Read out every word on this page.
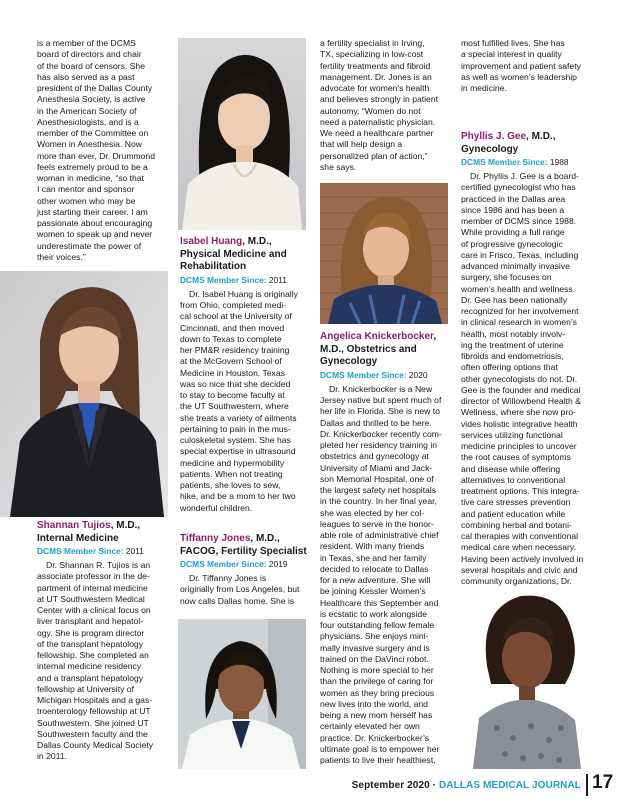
is a member of the DCMS
board of directors and chair
of the board of censors. She
has also served as a past
president of the Dallas County
Anesthesia Society, is active
in the American Society of
Anesthesiologists, and is a
member of the Committee on
Women in Anesthesia. Now
more than ever, Dr. Drummond
feels extremely proud to be a
woman in medicine, “so that
I can mentor and sponsor
other women who may be
just starting their career. I am
passionate about encouraging
women to speak up and never
underestimate the power of
their voices.”

Shannan Tujios, M.D.,
Internal Medicine

DCMS Member Since: 2011

Dr. Shannan R. Tujios is an
associate professor in the de-
partment of internal medicine
at UT Southwestern Medical
Center with a clinical focus on
liver transplant and hepatol-
ogy. She is program director
of the transplant hepatology
fellowship. She completed an
internal medicine residency
and a transplant hepatology
fellowship at University of
Michigan Hospitals and a gas-
troenterology fellowship at UT
Southwestern. She joined UT
Southwestern faculty and the
Dallas County Medical Society
in 2011.

Isabel Huang, M.D.,
Physical Medicine and
Rehabilitation

DCMS Member Since: 2011

Dr. Isabel Huang is originally
from Ohio, completed medi-
cal school at the University of
Cincinnati, and then moved
down to Texas to complete
her PM&R residency training
at the McGovern School of
Medicine in Houston. Texas
was so nice that she decided
to stay to become faculty at
the UT Southwestern, where
she treats a variety of ailments
pertaining to pain in the mus-
culoskeletal system. She has
special expertise in ultrasound
medicine and hypermobility
patients. When not treating
patients, she loves to sew,
hike, and be a mom to her two
wonderful children.

Tiffanny Jones, M.D.,
FACOG, Fertility Specialist

DCMS Member Since: 2019

Dr. Tiffanny Jones is
originally from Los Angeles, but
now calls Dallas home. She is

a fertility specialist in Irving,
TX, specializing in low-cost
fertility treatments and fibroid
management. Dr. Jones is an
advocate for women’s health
and believes strongly in patient
autonomy. “Women do not
need a paternalistic physician.
We need a healthcare partner
that will help design a
personalized plan of action,”
she says.

Angelica Knickerbocker,
M.D., Obstetrics and
Gynecology

DCMS Member Since: 2020

Dr. Knickerbocker is a New
Jersey native but spent much of
her life in Florida. She is new to
Dallas and thrilled to be here.
Dr. Knickerbocker recently com-
pleted her residency training in
obstetrics and gynecology at
University of Miami and Jack-
son Memorial Hospital, one of
the largest safety net hospitals
in the country. In her final year,
she was elected by her col-
leagues to serve in the honor-
able role of administrative chief
resident. With many friends
in Texas, she and her family
decided to relocate to Dallas
for a new adventure. She will
be joining Kessler Women’s
Healthcare this September and
is ecstatic to work alongside
four outstanding fellow female
physicians. She enjoys mini-
mally invasive surgery and is
trained on the DaVinci robot.
Nothing is more special to her
than the privilege of caring for
women as they bring precious
new lives into the world, and
being a new mom herself has
certainly elevated her own
practice. Dr. Knickerbocker’s
ultimate goal is to empower her
patients to live their healthiest,

most fulfilled lives. She has
a special interest in quality
improvement and patient safety
as well as women’s leadership
in medicine.

Phyllis J. Gee, M.D.,
Gynecology

DCMS Member Since: 1988

Dr. Phyllis J. Gee is a board-
certified gynecologist who has
practiced in the Dallas area
since 1986 and has been a
member of DCMS since 1988.
While providing a full range
of progressive gynecologic
care in Frisco, Texas, including
advanced minimally invasive
surgery, she focuses on
women’s health and wellness.
Dr. Gee has been nationally
recognized for her involvement
in clinical research in women’s
health, most notably involv-
ing the treatment of uterine
fibroids and endometriosis,
often offering options that
other gynecologists do not. Dr.
Gee is the founder and medical
director of Willowbend Health &
Wellness, where she now pro-
vides holistic integrative health
services utilizing functional
medicine principles to uncover
the root causes of symptoms
and disease while offering
alternatives to conventional
treatment options. This integra-
tive care stresses prevention
and patient education while
combining herbal and botani-
cal therapies with conventional
medical care when necessary.
Having been actively involved in
several hospitals and civic and
community organizations, Dr.

September 2020 · DALLAS MEDICAL JOURNAL 17
